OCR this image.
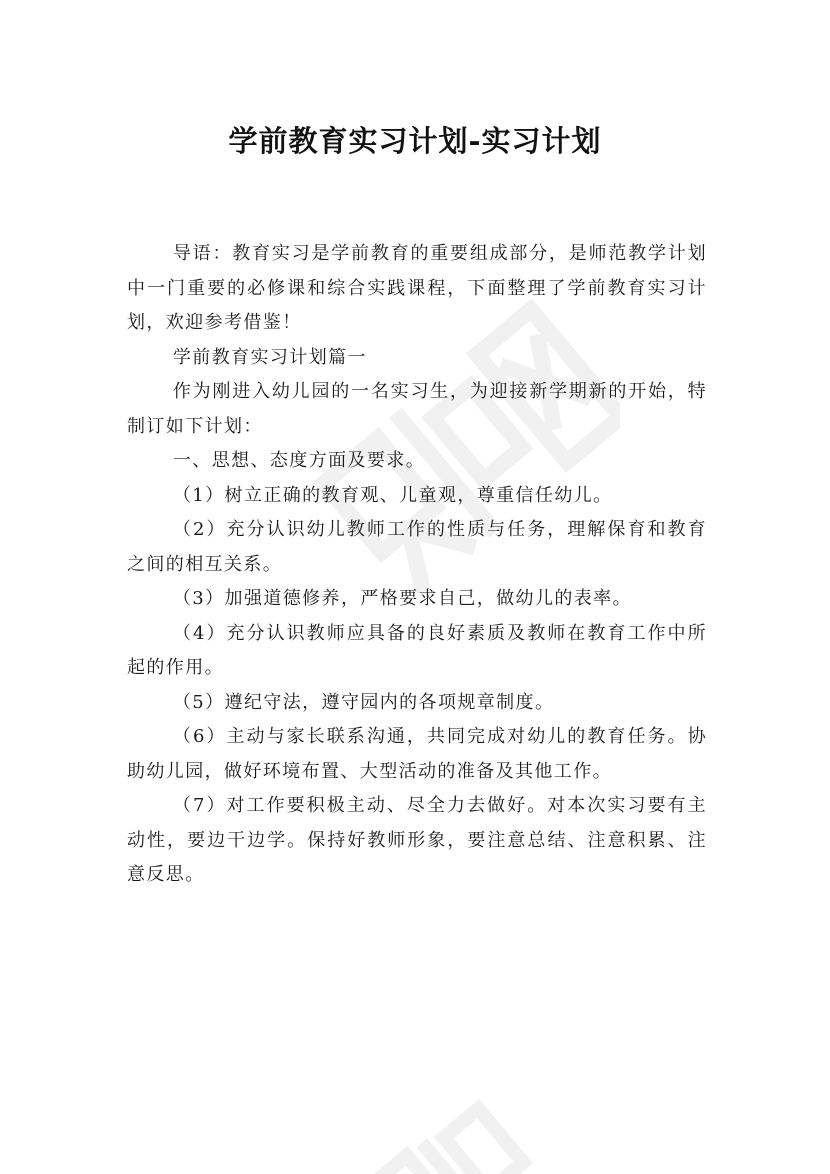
学前教育实习计划-实习计划

导语：教育实习是学前教育的重要组成部分，是师范教学计划中一门重要的必修课和综合实践课程，下面整理了学前教育实习计划，欢迎参考借鉴！

学前教育实习计划篇一

作为刚进入幼儿园的一名实习生，为迎接新学期新的开始，特制订如下计划：

一、思想、态度方面及要求。

（1）树立正确的教育观、儿童观，尊重信任幼儿。

（2）充分认识幼儿教师工作的性质与任务，理解保育和教育之间的相互关系。

（3）加强道德修养，严格要求自己，做幼儿的表率。

（4）充分认识教师应具备的良好素质及教师在教育工作中所起的作用。

（5）遵纪守法，遵守园内的各项规章制度。

（6）主动与家长联系沟通，共同完成对幼儿的教育任务。协助幼儿园，做好环境布置、大型活动的准备及其他工作。

（7）对工作要积极主动、尽全力去做好。对本次实习要有主动性，要边干边学。保持好教师形象，要注意总结、注意积累、注意反思。
